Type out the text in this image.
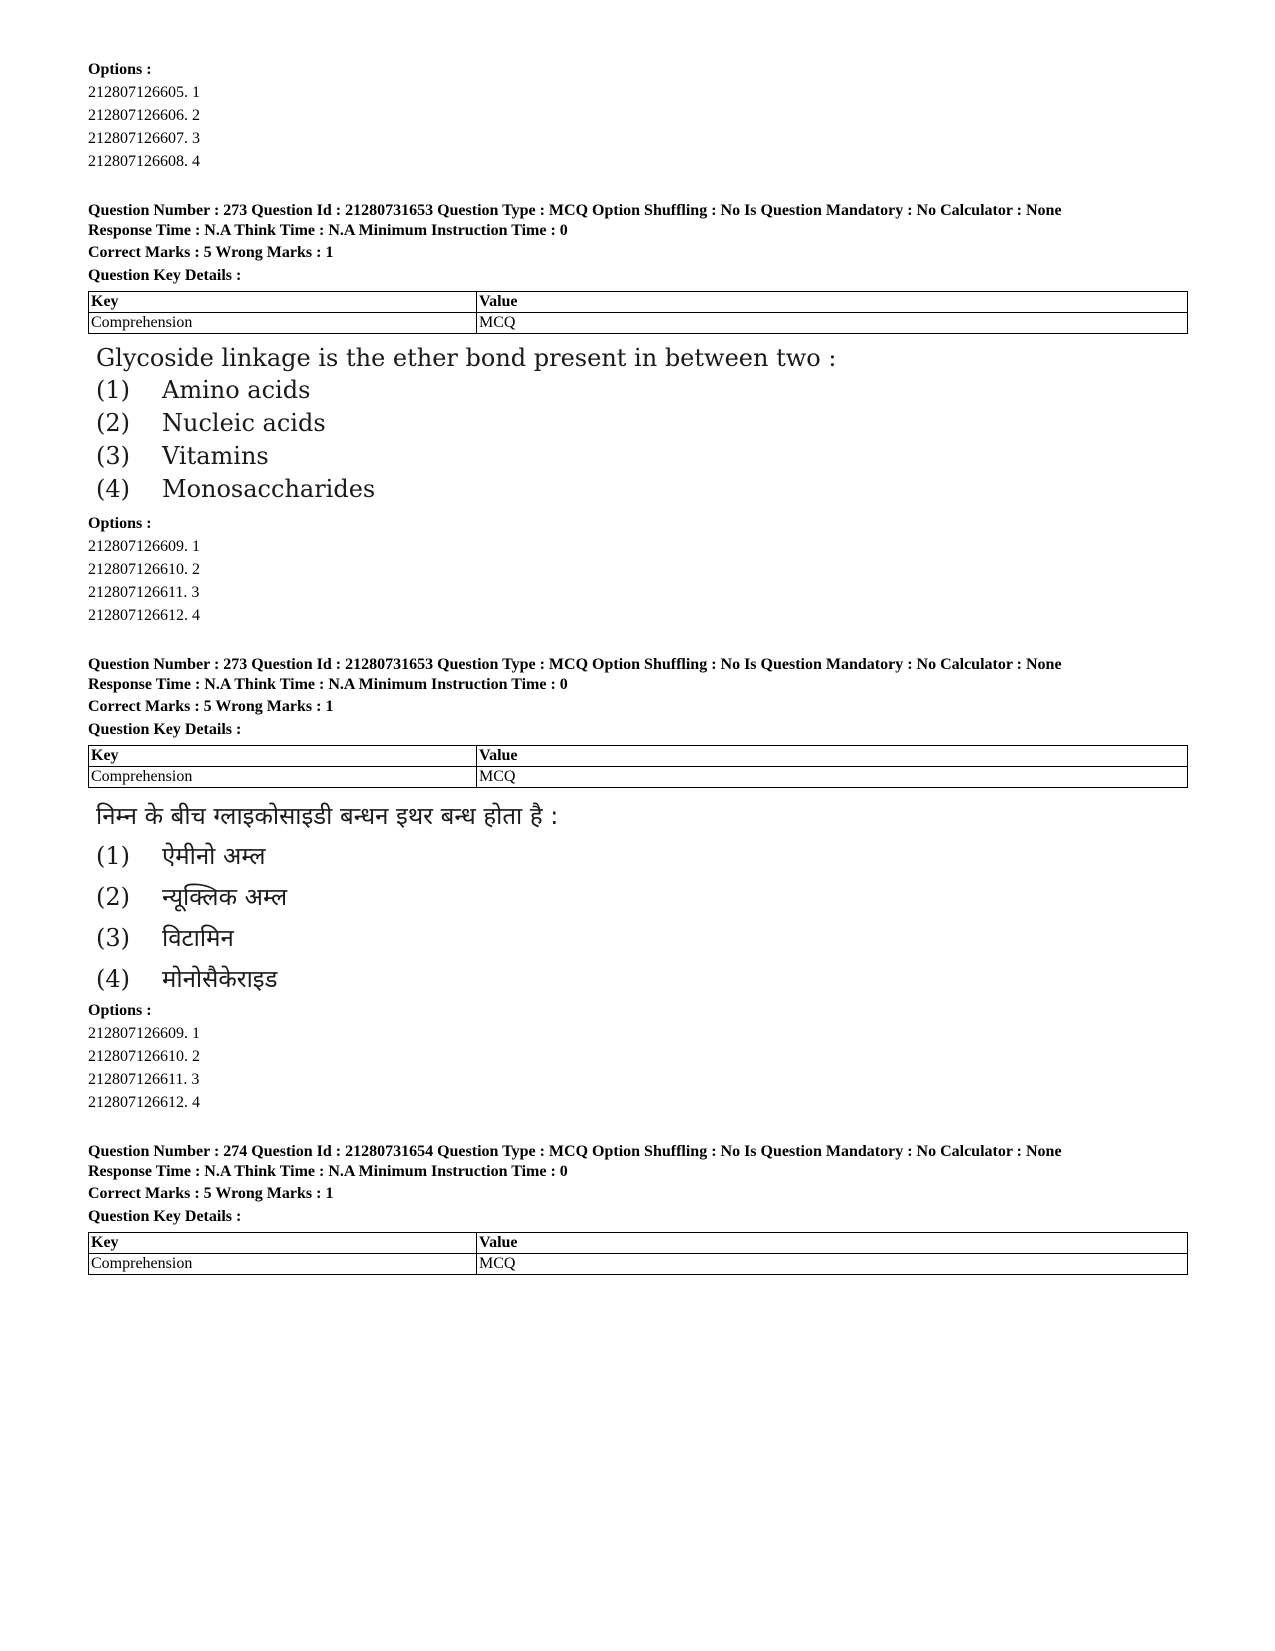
Options :
212807126605. 1
212807126606. 2
212807126607. 3
212807126608. 4
Question Number : 273 Question Id : 21280731653 Question Type : MCQ Option Shuffling : No Is Question Mandatory : No Calculator : None
Response Time : N.A Think Time : N.A Minimum Instruction Time : 0
Correct Marks : 5 Wrong Marks : 1
Question Key Details :
Key	Value
Comprehension	MCQ
Glycoside linkage is the ether bond present in between two :
(1) Amino acids
(2) Nucleic acids
(3) Vitamins
(4) Monosaccharides
Options :
212807126609. 1
212807126610. 2
212807126611. 3
212807126612. 4
Question Number : 273 Question Id : 21280731653 Question Type : MCQ Option Shuffling : No Is Question Mandatory : No Calculator : None
Response Time : N.A Think Time : N.A Minimum Instruction Time : 0
Correct Marks : 5 Wrong Marks : 1
Question Key Details :
Key	Value
Comprehension	MCQ
निम्न के बीच ग्लाइकोसाइडी बन्धन इथर बन्ध होता है :
(1) ऐमीनो अम्ल
(2) न्यूक्लिक अम्ल
(3) विटामिन
(4) मोनोसैकेराइड
Options :
212807126609. 1
212807126610. 2
212807126611. 3
212807126612. 4
Question Number : 274 Question Id : 21280731654 Question Type : MCQ Option Shuffling : No Is Question Mandatory : No Calculator : None
Response Time : N.A Think Time : N.A Minimum Instruction Time : 0
Correct Marks : 5 Wrong Marks : 1
Question Key Details :
Key	Value
Comprehension	MCQ
